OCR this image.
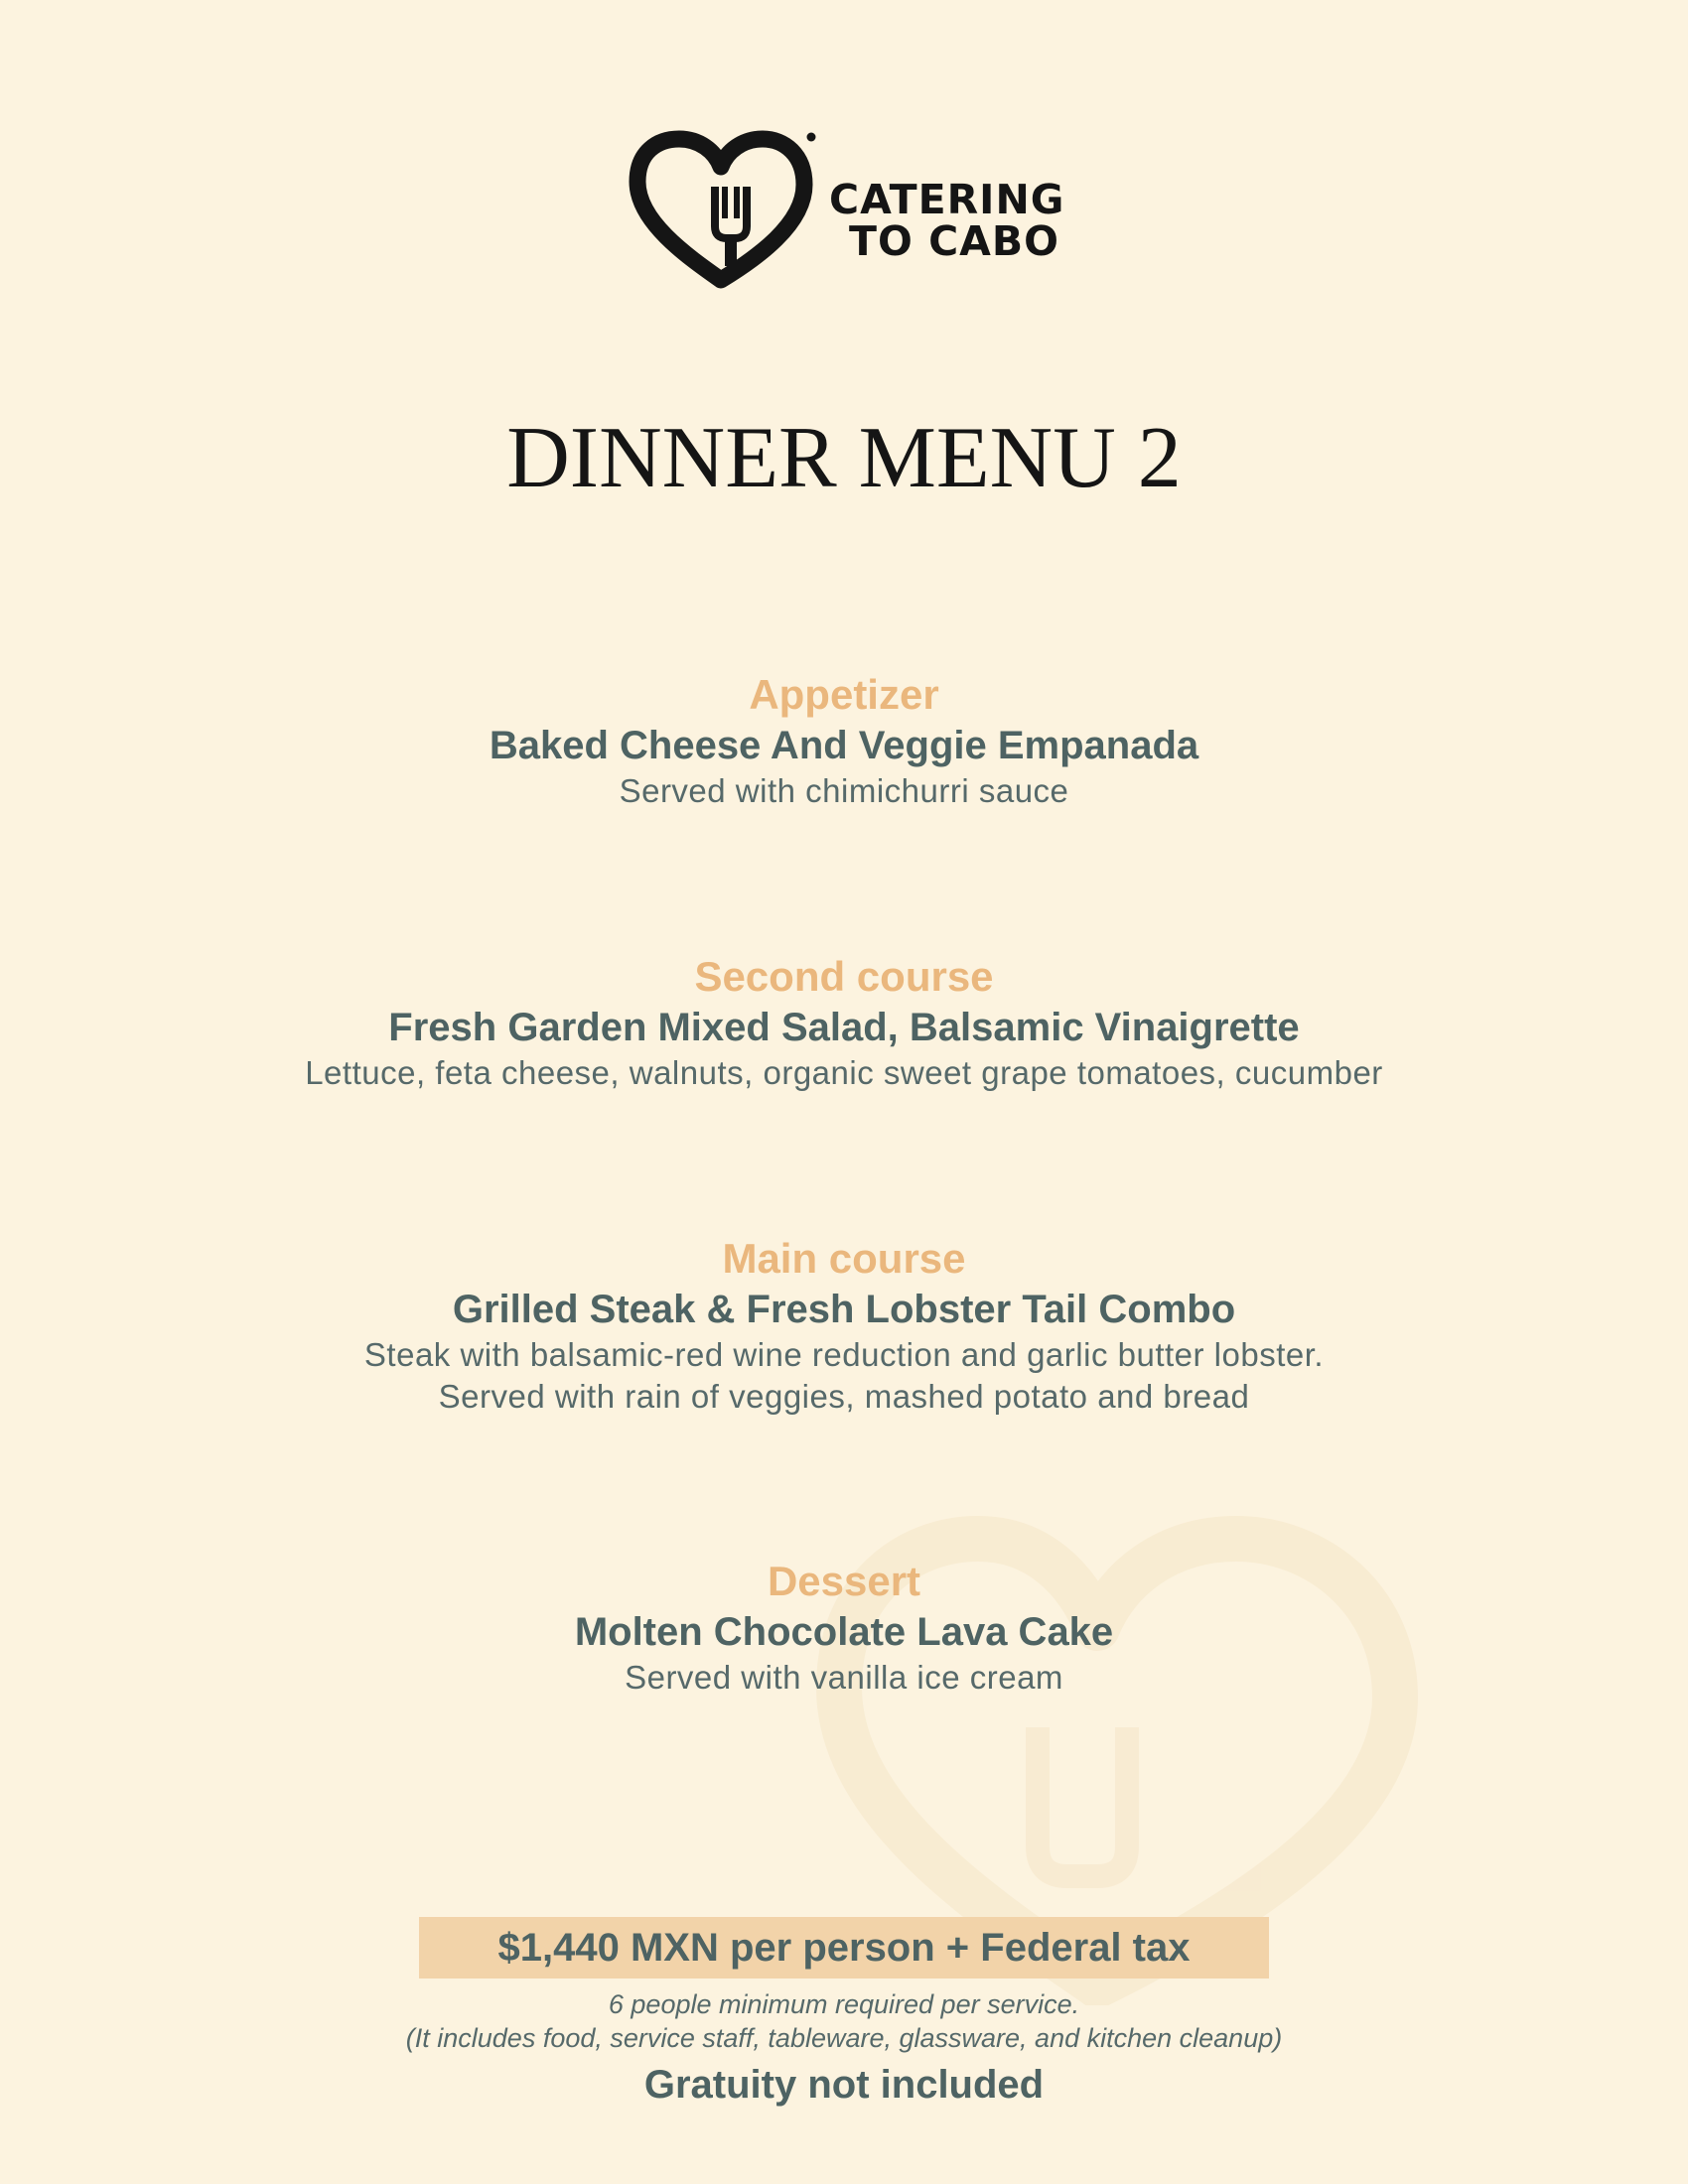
CATERING
TO CABO
DINNER MENU 2
Appetizer
Baked Cheese And Veggie Empanada
Served with chimichurri sauce
Second course
Fresh Garden Mixed Salad, Balsamic Vinaigrette
Lettuce, feta cheese, walnuts, organic sweet grape tomatoes, cucumber
Main course
Grilled Steak & Fresh Lobster Tail Combo
Steak with balsamic-red wine reduction and garlic butter lobster.
Served with rain of veggies, mashed potato and bread
Dessert
Molten Chocolate Lava Cake
Served with vanilla ice cream
$1,440 MXN per person + Federal tax
6 people minimum required per service.
(It includes food, service staff, tableware, glassware, and kitchen cleanup)
Gratuity not included
